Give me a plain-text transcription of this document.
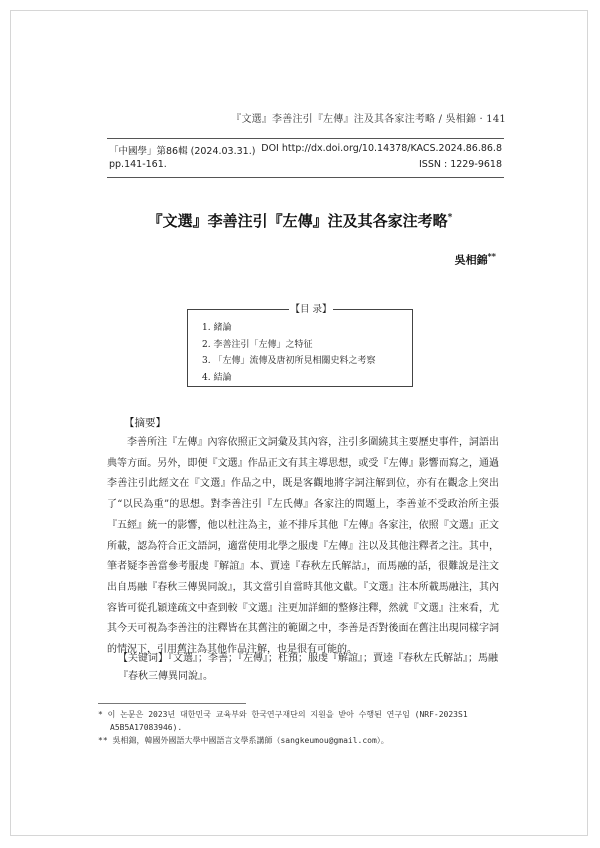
『文選』李善注引『左傳』注及其各家注考略 / 吳相錦 · 141
「中國學」第86輯 (2024.03.31.)
pp.141-161.
DOI http://dx.doi.org/10.14378/KACS.2024.86.86.8
ISSN : 1229-9618
『文選』李善注引『左傳』注及其各家注考略*
吳相錦**
【目 录】
1. 緒論
2. 李善注引「左傳」之特征
3. 「左傳」流傳及唐初所見相關史料之考察
4. 結論
【摘要】

李善所注『左傳』內容依照正文詞彙及其內容，注引多圍繞其主要歷史事件，詞語出典等方面。另外，即便『文選』作品正文有其主導思想，或受『左傳』影響而寫之，通過李善注引此經文在『文選』作品之中，既是客觀地將字詞注解到位，亦有在觀念上突出了“以民為重”的思想。對李善注引『左氏傳』各家注的問題上，李善並不受政治所主張『五經』統一的影響，他以杜注為主，並不排斥其他『左傳』各家注，依照『文選』正文所載，認為符合正文語詞，適當使用北學之服虔『左傳』注以及其他注釋者之注。其中，筆者疑李善當參考服虔『解誼』本、賈逵『春秋左氏解詁』，而馬融的話，很難說是注文出自馬融『春秋三傳異同說』，其文當引自當時其他文獻。『文選』注本所載馬融注，其內容皆可從孔穎達疏文中查到較『文選』注更加詳細的整修注釋，然就『文選』注來看，尤其今天可視為李善注的注釋皆在其舊注的範圍之中，李善是否對後面在舊注出現同樣字詞的情況下，引用舊注為其他作品注解，也是很有可能的。

【关键词】『文選』；李善；『左傳』；杜預；服虔『解誼』；賈逵『春秋左氏解詁』；馬融『春秋三傳異同說』。

* 이 논문은 2023년 대한민국 교육부와 한국연구재단의 지원을 받아 수행된 연구임 (NRF-2023S1

A5B5A17083946).

** 吳相錦，韓國外國語大學中國語言文學系講師（sangkeumou@gmail.com）。
